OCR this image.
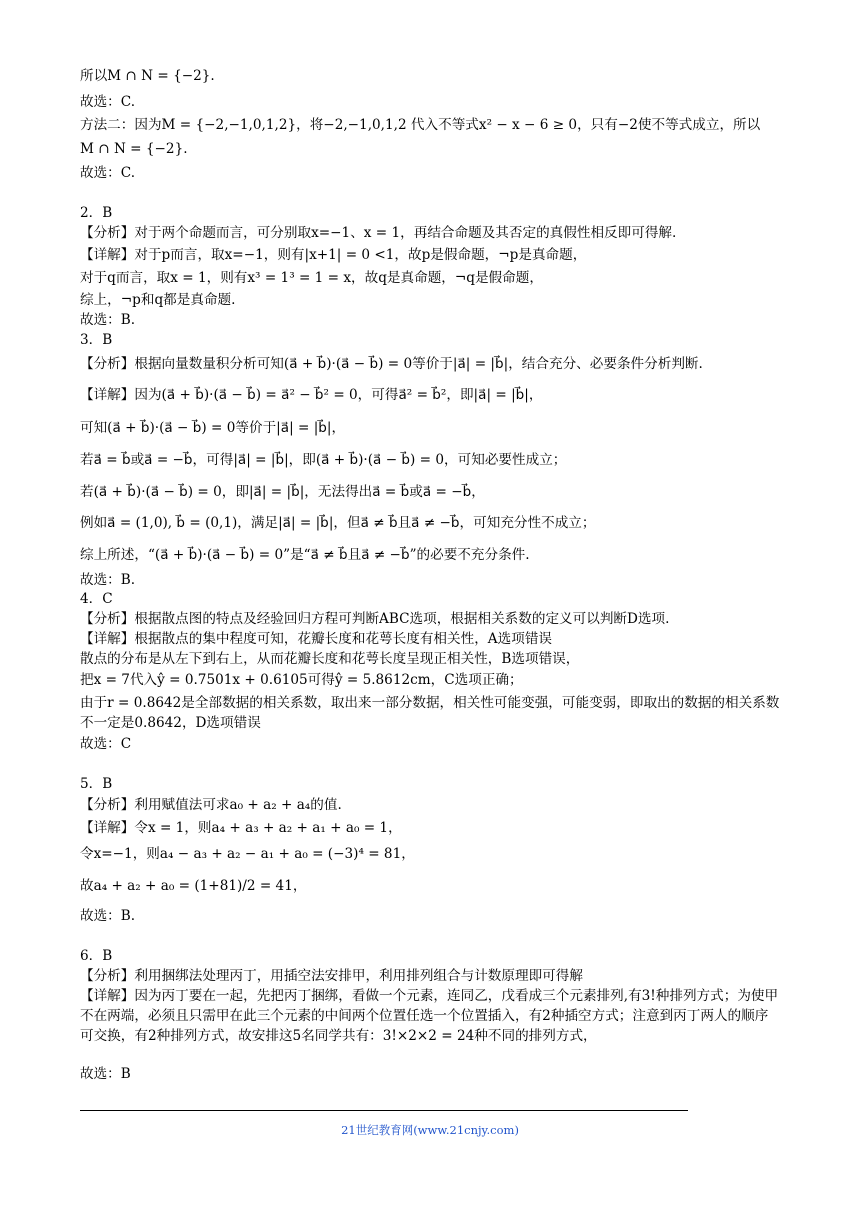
所以M ∩ N = {−2}.
故选：C.
方法二：因为M = {−2,−1,0,1,2}，将−2,−1,0,1,2 代入不等式x² − x − 6 ≥ 0，只有−2使不等式成立，所以
M ∩ N = {−2}.
故选：C.
2．B
【分析】对于两个命题而言，可分别取x=−1、x = 1，再结合命题及其否定的真假性相反即可得解.
【详解】对于p而言，取x=−1，则有|x+1| = 0 <1，故p是假命题，¬p是真命题，
对于q而言，取x = 1，则有x³ = 1³ = 1 = x，故q是真命题，¬q是假命题，
综上，¬p和q都是真命题.
故选：B.
3．B
【分析】根据向量数量积分析可知(a⃗ + b⃗)·(a⃗ − b⃗) = 0等价于|a⃗| = |b⃗|，结合充分、必要条件分析判断.
【详解】因为(a⃗ + b⃗)·(a⃗ − b⃗) = a⃗² − b⃗² = 0，可得a⃗² = b⃗²，即|a⃗| = |b⃗|，
可知(a⃗ + b⃗)·(a⃗ − b⃗) = 0等价于|a⃗| = |b⃗|，
若a⃗ = b⃗或a⃗ = −b⃗，可得|a⃗| = |b⃗|，即(a⃗ + b⃗)·(a⃗ − b⃗) = 0，可知必要性成立；
若(a⃗ + b⃗)·(a⃗ − b⃗) = 0，即|a⃗| = |b⃗|，无法得出a⃗ = b⃗或a⃗ = −b⃗，
例如a⃗ = (1,0), b⃗ = (0,1)，满足|a⃗| = |b⃗|，但a⃗ ≠ b⃗且a⃗ ≠ −b⃗，可知充分性不成立；
综上所述，“(a⃗ + b⃗)·(a⃗ − b⃗) = 0”是“a⃗ ≠ b⃗且a⃗ ≠ −b⃗”的必要不充分条件.
故选：B.
4．C
【分析】根据散点图的特点及经验回归方程可判断ABC选项，根据相关系数的定义可以判断D选项.
【详解】根据散点的集中程度可知，花瓣长度和花萼长度有相关性，A选项错误
散点的分布是从左下到右上，从而花瓣长度和花萼长度呈现正相关性，B选项错误，
把x = 7代入ŷ = 0.7501x + 0.6105可得ŷ = 5.8612cm，C选项正确；
由于r = 0.8642是全部数据的相关系数，取出来一部分数据，相关性可能变强，可能变弱，即取出的数据的相关系数不一定是0.8642，D选项错误
故选：C
5．B
【分析】利用赋值法可求a₀ + a₂ + a₄的值.
【详解】令x = 1，则a₄ + a₃ + a₂ + a₁ + a₀ = 1，
令x=−1，则a₄ − a₃ + a₂ − a₁ + a₀ = (−3)⁴ = 81，
故a₄ + a₂ + a₀ = (1+81)/2 = 41，
故选：B.
6．B
【分析】利用捆绑法处理丙丁，用插空法安排甲，利用排列组合与计数原理即可得解
【详解】因为丙丁要在一起，先把丙丁捆绑，看做一个元素，连同乙，戊看成三个元素排列,有3!种排列方式；为使甲不在两端，必须且只需甲在此三个元素的中间两个位置任选一个位置插入，有2种插空方式；注意到丙丁两人的顺序可交换，有2种排列方式，故安排这5名同学共有：3!×2×2 = 24种不同的排列方式，
故选：B
21世纪教育网(www.21cnjy.com)
